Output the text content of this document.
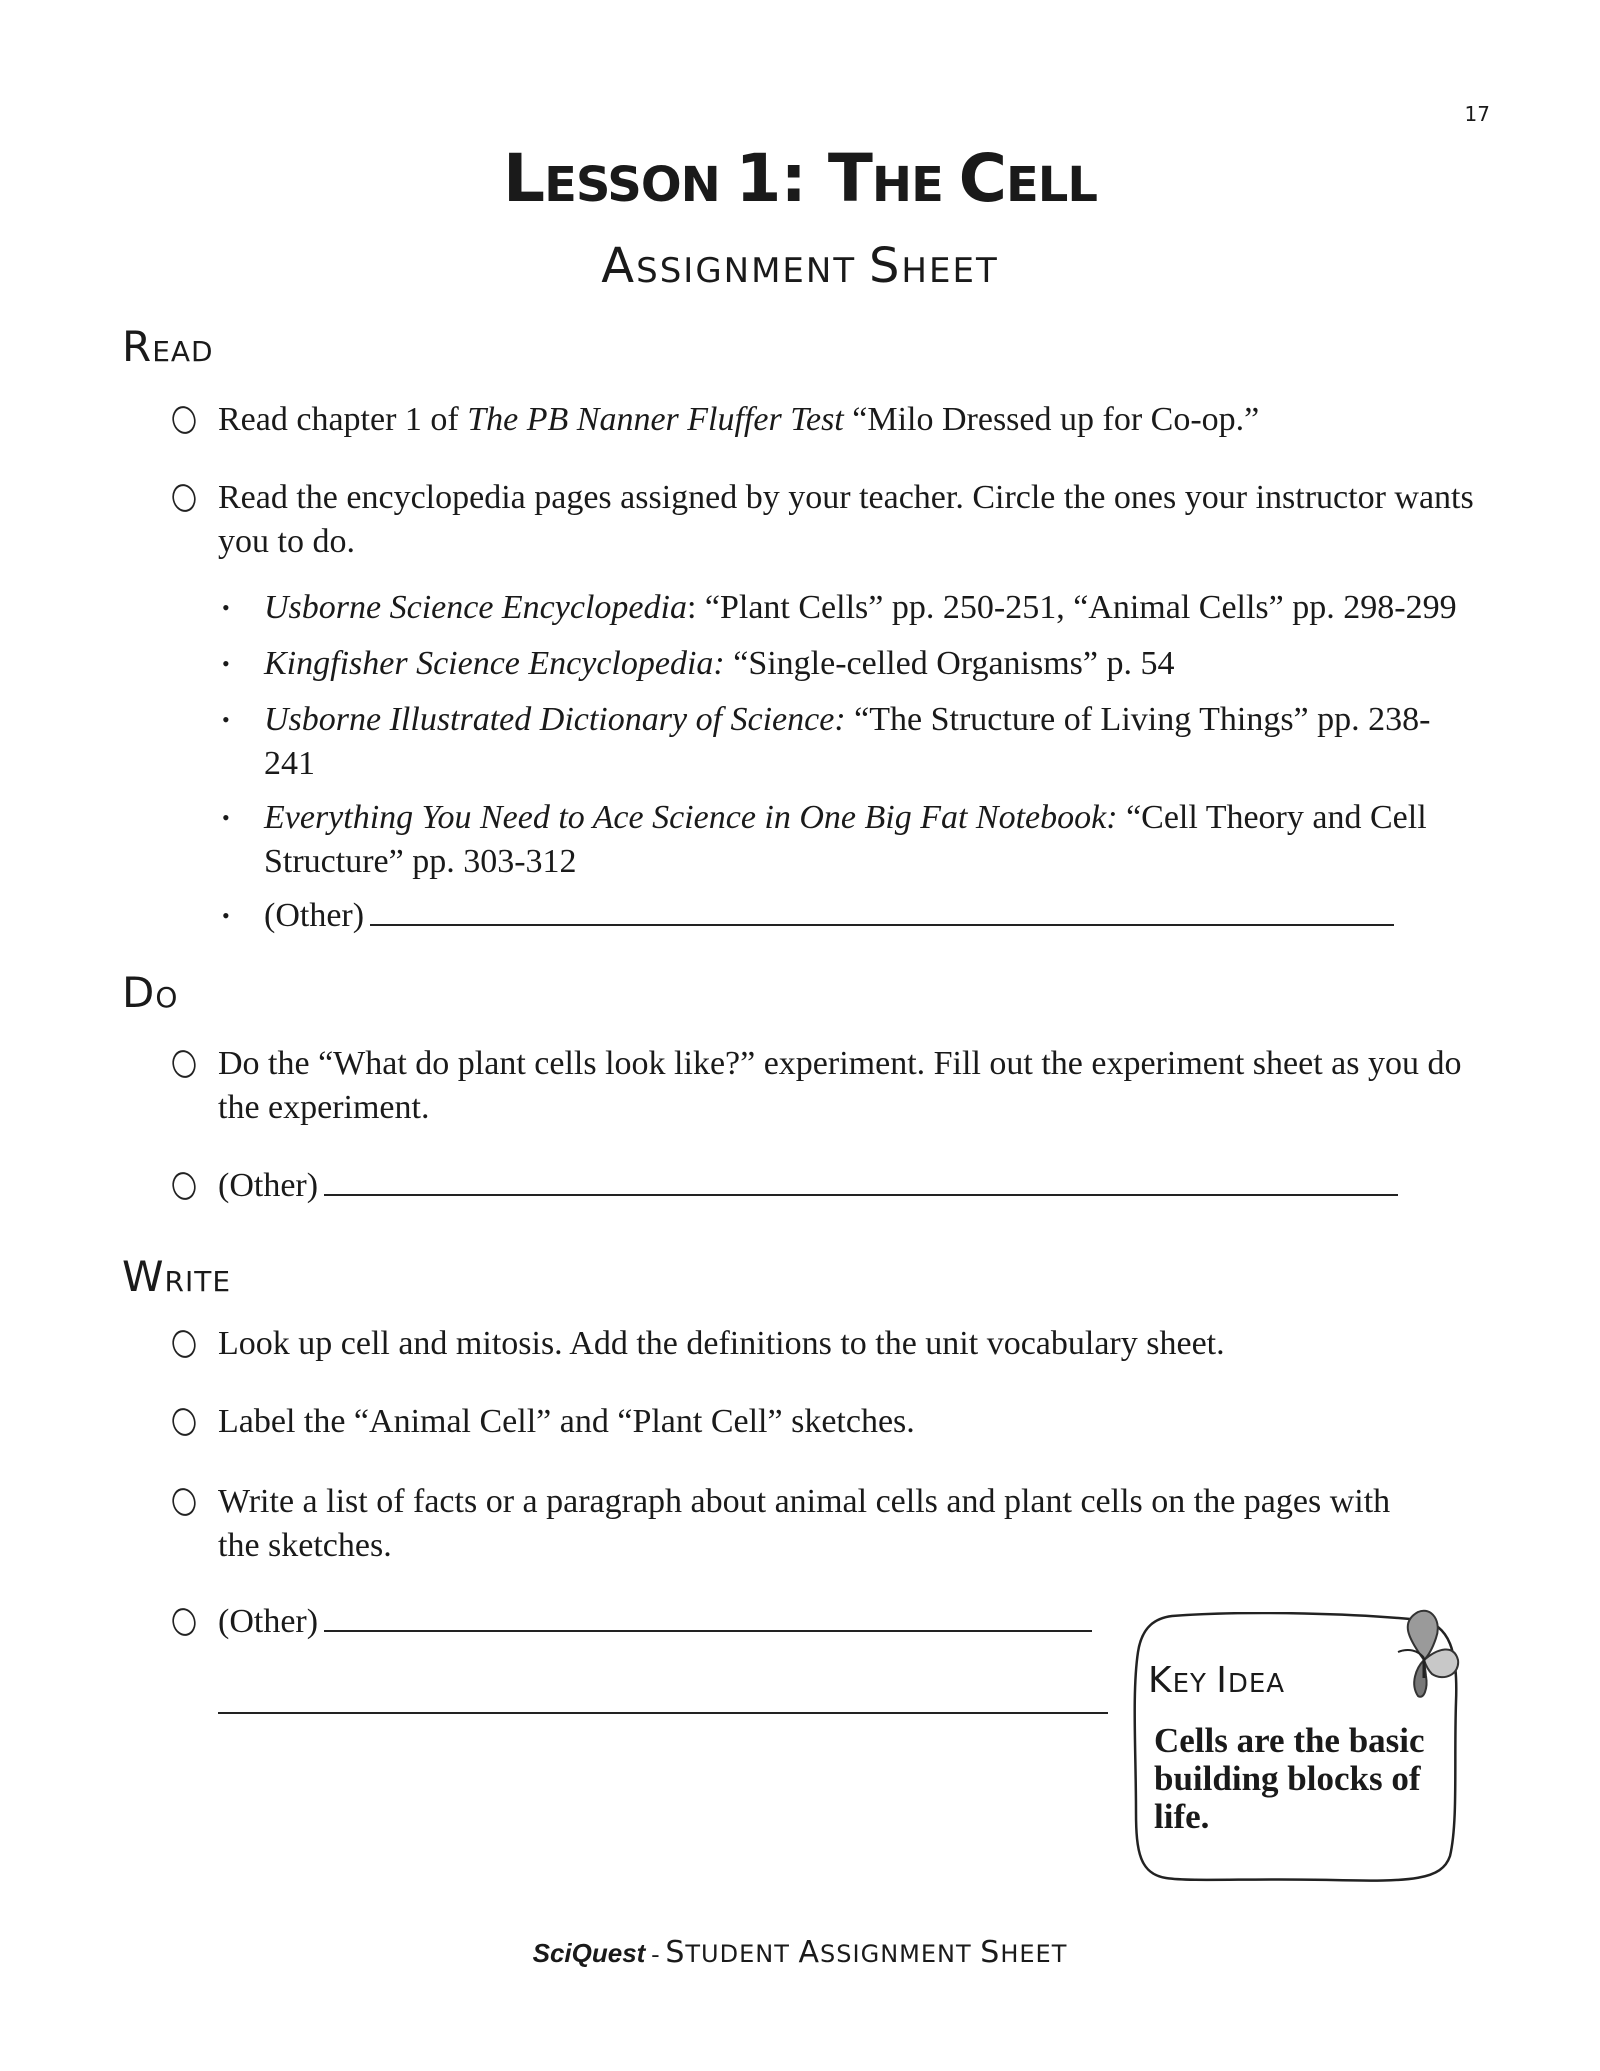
17
LESSON 1: THE CELL
ASSIGNMENT SHEET
READ
Read chapter 1 of The PB Nanner Fluffer Test “Milo Dressed up for Co-op.”
Read the encyclopedia pages assigned by your teacher. Circle the ones your instructor wants you to do.
• Usborne Science Encyclopedia: “Plant Cells” pp. 250-251, “Animal Cells” pp. 298-299
• Kingfisher Science Encyclopedia: “Single-celled Organisms” p. 54
• Usborne Illustrated Dictionary of Science: “The Structure of Living Things” pp. 238-241
• Everything You Need to Ace Science in One Big Fat Notebook: “Cell Theory and Cell Structure” pp. 303-312
• (Other)
DO
Do the “What do plant cells look like?” experiment. Fill out the experiment sheet as you do the experiment.
(Other)
WRITE
Look up cell and mitosis. Add the definitions to the unit vocabulary sheet.
Label the “Animal Cell” and “Plant Cell” sketches.
Write a list of facts or a paragraph about animal cells and plant cells on the pages with the sketches.
(Other)
KEY IDEA
Cells are the basic building blocks of life.
SciQuest - STUDENT ASSIGNMENT SHEET
